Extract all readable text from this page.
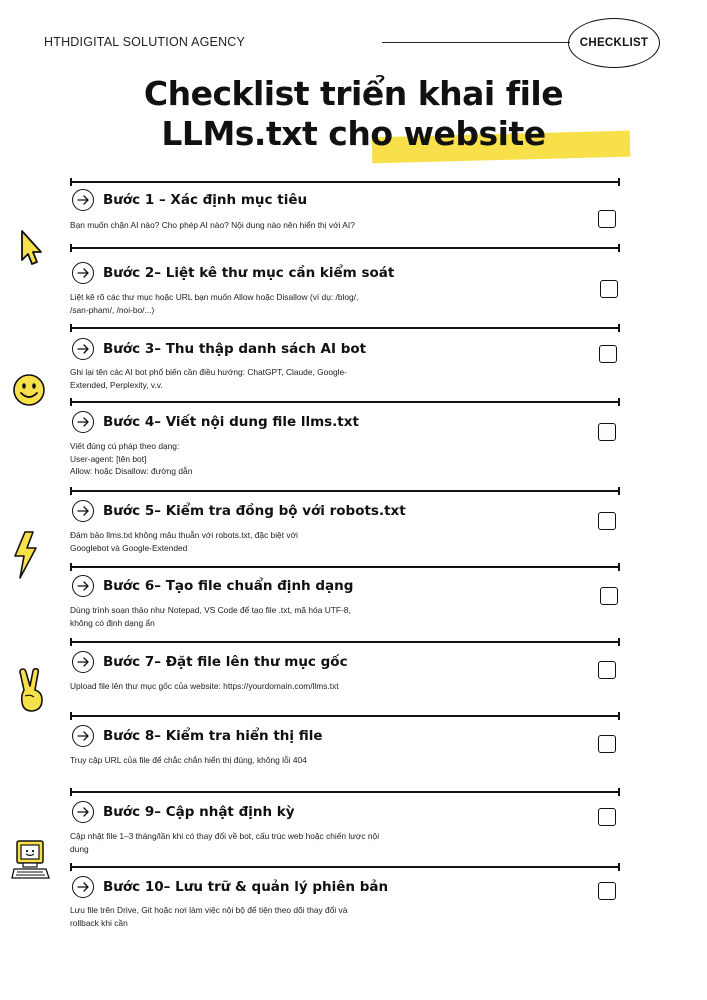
HTHDIGITAL SOLUTION AGENCY	CHECKLIST
Checklist triển khai file
LLMs.txt cho website
Bước 1 – Xác định mục tiêu
Bạn muốn chặn AI nào? Cho phép AI nào? Nội dung nào nên hiển thị với AI?
Bước 2– Liệt kê thư mục cần kiểm soát
Liệt kê rõ các thư mục hoặc URL bạn muốn Allow hoặc Disallow (ví dụ: /blog/,
/san-pham/, /noi-bo/...)
Bước 3– Thu thập danh sách AI bot
Ghi lại tên các AI bot phổ biến cần điều hướng: ChatGPT, Claude, Google-
Extended, Perplexity, v.v.
Bước 4– Viết nội dung file llms.txt
Viết đúng cú pháp theo dạng:
User-agent: [tên bot]
Allow: hoặc Disallow: đường dẫn
Bước 5– Kiểm tra đồng bộ với robots.txt
Đảm bảo llms.txt không mâu thuẫn với robots.txt, đặc biệt với
Googlebot và Google-Extended
Bước 6– Tạo file chuẩn định dạng
Dùng trình soạn thảo như Notepad, VS Code để tạo file .txt, mã hóa UTF-8,
không có định dạng ẩn
Bước 7– Đặt file lên thư mục gốc
Upload file lên thư mục gốc của website: https://yourdomain.com/llms.txt
Bước 8– Kiểm tra hiển thị file
Truy cập URL của file để chắc chắn hiển thị đúng, không lỗi 404
Bước 9– Cập nhật định kỳ
Cập nhật file 1–3 tháng/lần khi có thay đổi về bot, cấu trúc web hoặc chiến lược nội dung
Bước 10– Lưu trữ & quản lý phiên bản
Lưu file trên Drive, Git hoặc nơi làm việc nội bộ để tiện theo dõi thay đổi và
rollback khi cần
